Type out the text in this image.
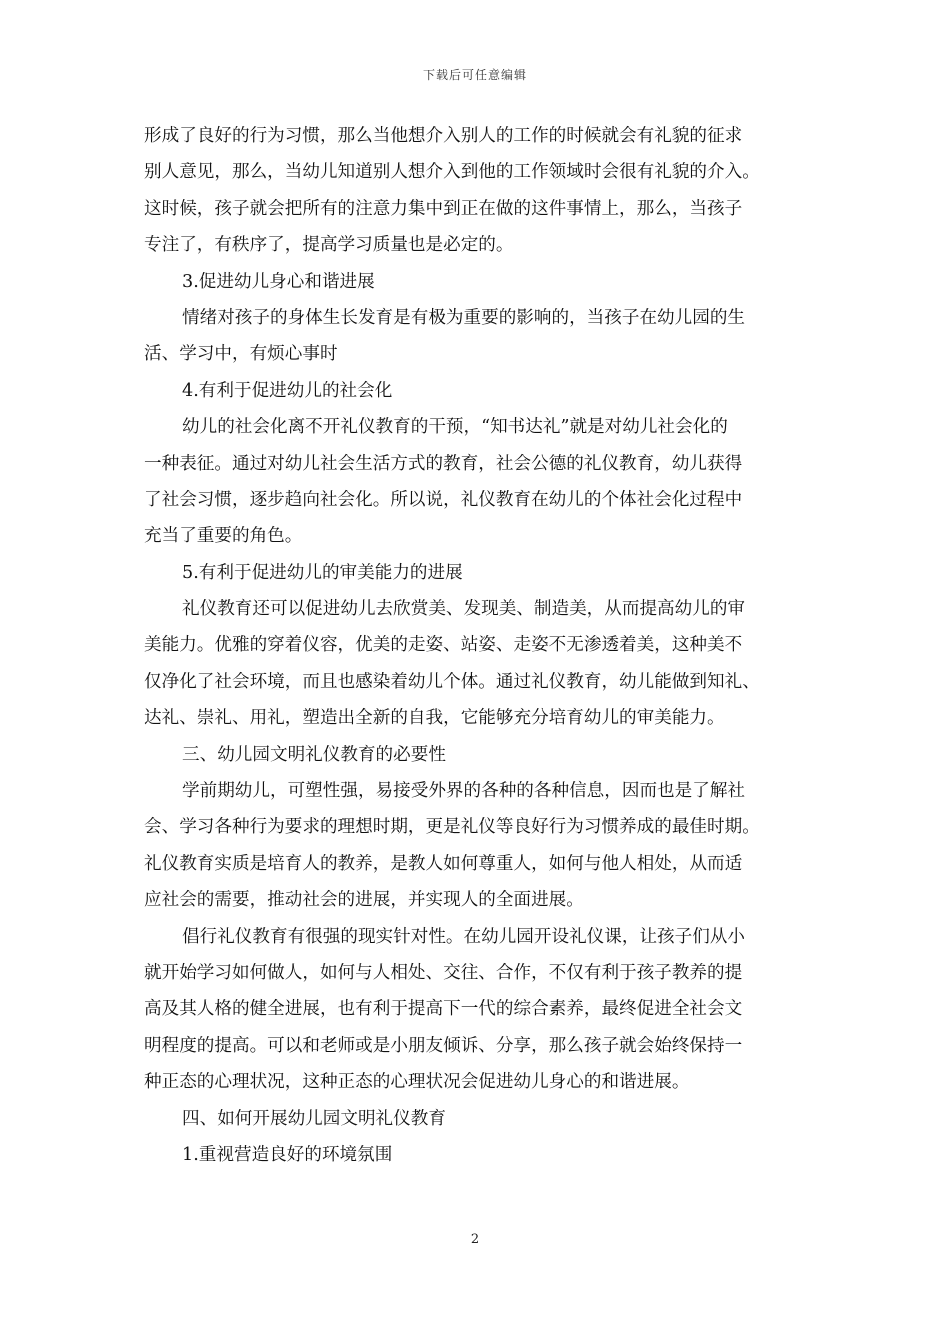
下载后可任意编辑

形成了良好的行为习惯，那么当他想介入别人的工作的时候就会有礼貌的征求

别人意见，那么，当幼儿知道别人想介入到他的工作领域时会很有礼貌的介入。

这时候，孩子就会把所有的注意力集中到正在做的这件事情上，那么，当孩子

专注了，有秩序了，提高学习质量也是必定的。

3.促进幼儿身心和谐进展

情绪对孩子的身体生长发育是有极为重要的影响的，当孩子在幼儿园的生

活、学习中，有烦心事时

4.有利于促进幼儿的社会化

幼儿的社会化离不开礼仪教育的干预，“知书达礼”就是对幼儿社会化的

一种表征。通过对幼儿社会生活方式的教育，社会公德的礼仪教育，幼儿获得

了社会习惯，逐步趋向社会化。所以说，礼仪教育在幼儿的个体社会化过程中

充当了重要的角色。

5.有利于促进幼儿的审美能力的进展

礼仪教育还可以促进幼儿去欣赏美、发现美、制造美，从而提高幼儿的审

美能力。优雅的穿着仪容，优美的走姿、站姿、走姿不无渗透着美，这种美不

仅净化了社会环境，而且也感染着幼儿个体。通过礼仪教育，幼儿能做到知礼、

达礼、崇礼、用礼，塑造出全新的自我，它能够充分培育幼儿的审美能力。

三、幼儿园文明礼仪教育的必要性

学前期幼儿，可塑性强，易接受外界的各种的各种信息，因而也是了解社

会、学习各种行为要求的理想时期，更是礼仪等良好行为习惯养成的最佳时期。

礼仪教育实质是培育人的教养，是教人如何尊重人，如何与他人相处，从而适

应社会的需要，推动社会的进展，并实现人的全面进展。

倡行礼仪教育有很强的现实针对性。在幼儿园开设礼仪课，让孩子们从小

就开始学习如何做人，如何与人相处、交往、合作，不仅有利于孩子教养的提

高及其人格的健全进展，也有利于提高下一代的综合素养，最终促进全社会文

明程度的提高。可以和老师或是小朋友倾诉、分享，那么孩子就会始终保持一

种正态的心理状况，这种正态的心理状况会促进幼儿身心的和谐进展。

四、如何开展幼儿园文明礼仪教育

1.重视营造良好的环境氛围

2
